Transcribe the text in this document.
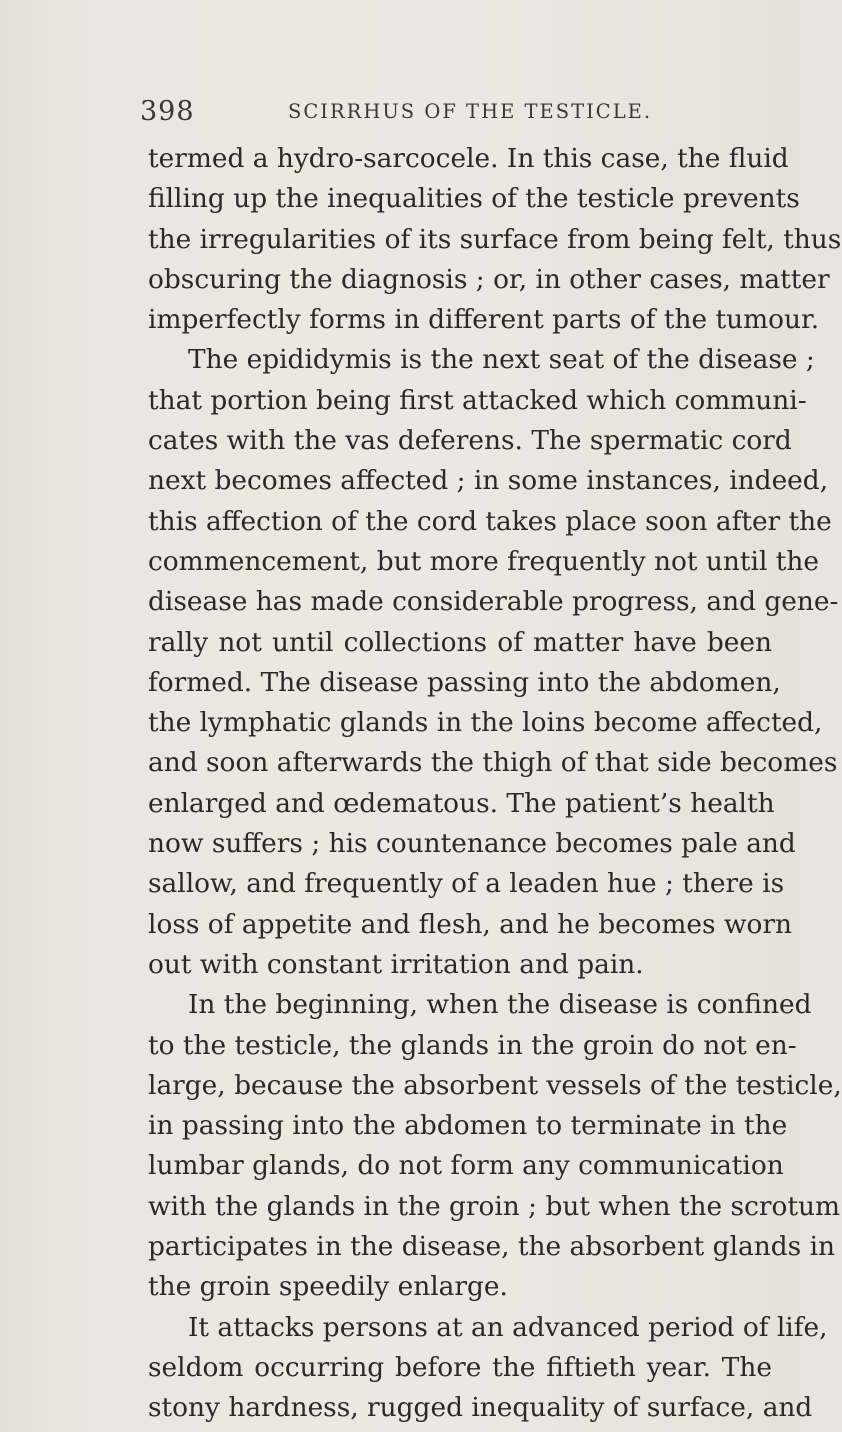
398	SCIRRHUS OF THE TESTICLE.
termed a hydro-sarcocele. In this case, the fluid
filling up the inequalities of the testicle prevents
the irregularities of its surface from being felt, thus
obscuring the diagnosis ; or, in other cases, matter
imperfectly forms in different parts of the tumour.
The epididymis is the next seat of the disease ;
that portion being first attacked which communi-
cates with the vas deferens. The spermatic cord
next becomes affected ; in some instances, indeed,
this affection of the cord takes place soon after the
commencement, but more frequently not until the
disease has made considerable progress, and gene-
rally not until collections of matter have been
formed. The disease passing into the abdomen,
the lymphatic glands in the loins become affected,
and soon afterwards the thigh of that side becomes
enlarged and œdematous. The patient’s health
now suffers ; his countenance becomes pale and
sallow, and frequently of a leaden hue ; there is
loss of appetite and flesh, and he becomes worn
out with constant irritation and pain.
In the beginning, when the disease is confined
to the testicle, the glands in the groin do not en-
large, because the absorbent vessels of the testicle,
in passing into the abdomen to terminate in the
lumbar glands, do not form any communication
with the glands in the groin ; but when the scrotum
participates in the disease, the absorbent glands in
the groin speedily enlarge.
It attacks persons at an advanced period of life,
seldom occurring before the fiftieth year. The
stony hardness, rugged inequality of surface, and
